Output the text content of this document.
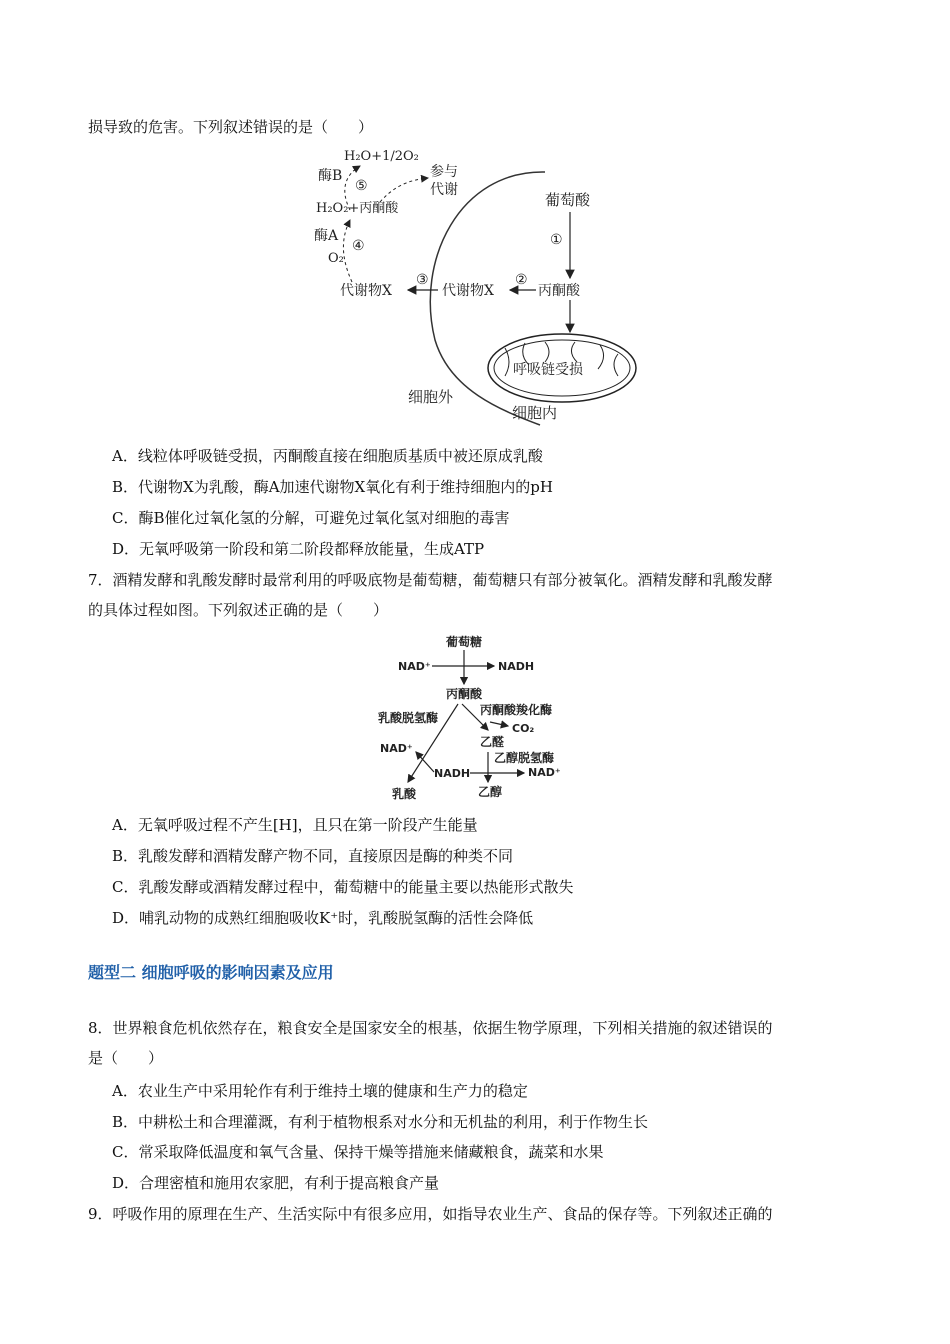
损导致的危害。下列叙述错误的是（　　）
H₂O+1/2O₂
酶B
⑤
参与
代谢
H₂O₂+丙酮酸
酶A
④
O₂
代谢物X
③
代谢物X
②
丙酮酸
葡萄酸
①
呼吸链受损
细胞外
细胞内
A．线粒体呼吸链受损，丙酮酸直接在细胞质基质中被还原成乳酸
B．代谢物X为乳酸，酶A加速代谢物X氧化有利于维持细胞内的pH
C．酶B催化过氧化氢的分解，可避免过氧化氢对细胞的毒害
D．无氧呼吸第一阶段和第二阶段都释放能量，生成ATP
7．酒精发酵和乳酸发酵时最常利用的呼吸底物是葡萄糖，葡萄糖只有部分被氧化。酒精发酵和乳酸发酵
的具体过程如图。下列叙述正确的是（　　）
葡萄糖
NAD⁺	NADH
丙酮酸
乳酸脱氢酶
丙酮酸羧化酶
CO₂
乙醛
乙醇脱氢酶
NAD⁺
NADH	NAD⁺
乳酸	乙醇
A．无氧呼吸过程不产生[H]，且只在第一阶段产生能量
B．乳酸发酵和酒精发酵产物不同，直接原因是酶的种类不同
C．乳酸发酵或酒精发酵过程中，葡萄糖中的能量主要以热能形式散失
D．哺乳动物的成熟红细胞吸收K⁺时，乳酸脱氢酶的活性会降低
题型二 细胞呼吸的影响因素及应用
8．世界粮食危机依然存在，粮食安全是国家安全的根基，依据生物学原理，下列相关措施的叙述错误的
是（　　）
A．农业生产中采用轮作有利于维持土壤的健康和生产力的稳定
B．中耕松土和合理灌溉，有利于植物根系对水分和无机盐的利用，利于作物生长
C．常采取降低温度和氧气含量、保持干燥等措施来储藏粮食，蔬菜和水果
D．合理密植和施用农家肥，有利于提高粮食产量
9．呼吸作用的原理在生产、生活实际中有很多应用，如指导农业生产、食品的保存等。下列叙述正确的
